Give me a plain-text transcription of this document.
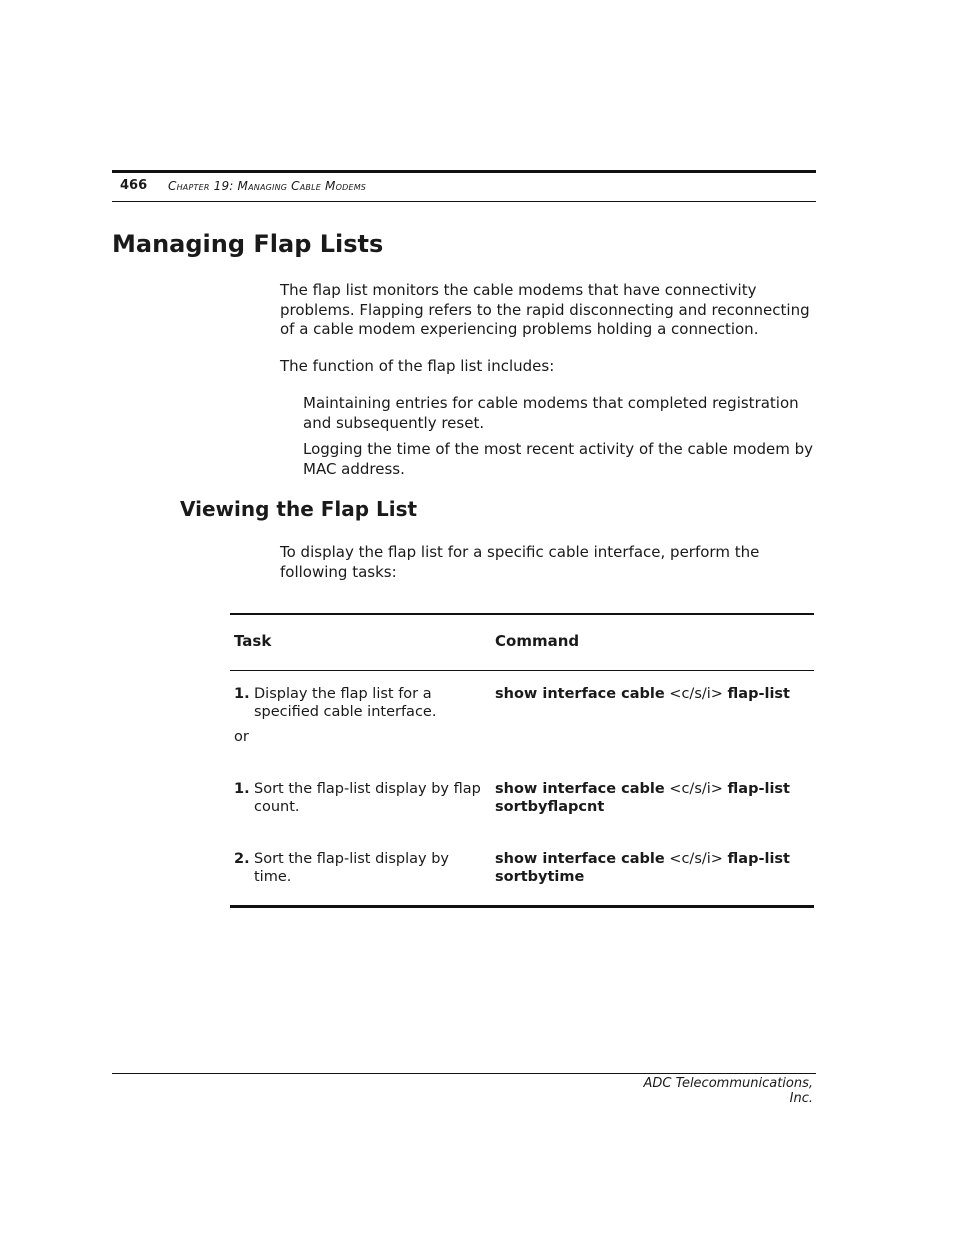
466 Chapter 19: Managing Cable Modems
Managing Flap Lists

The flap list monitors the cable modems that have connectivity problems. Flapping refers to the rapid disconnecting and reconnecting of a cable modem experiencing problems holding a connection.

The function of the flap list includes:

Maintaining entries for cable modems that completed registration and subsequently reset.

Logging the time of the most recent activity of the cable modem by MAC address.

Viewing the Flap List

To display the flap list for a specific cable interface, perform the following tasks:

Task	Command
1. Display the flap list for a specified cable interface.
show interface cable <c/s/i> flap-list
or
1. Sort the flap-list display by flap count.
show interface cable <c/s/i> flap-list
sortbyflapcnt
2. Sort the flap-list display by time.
show interface cable <c/s/i> flap-list
sortbytime
ADC Telecommunications, Inc.
